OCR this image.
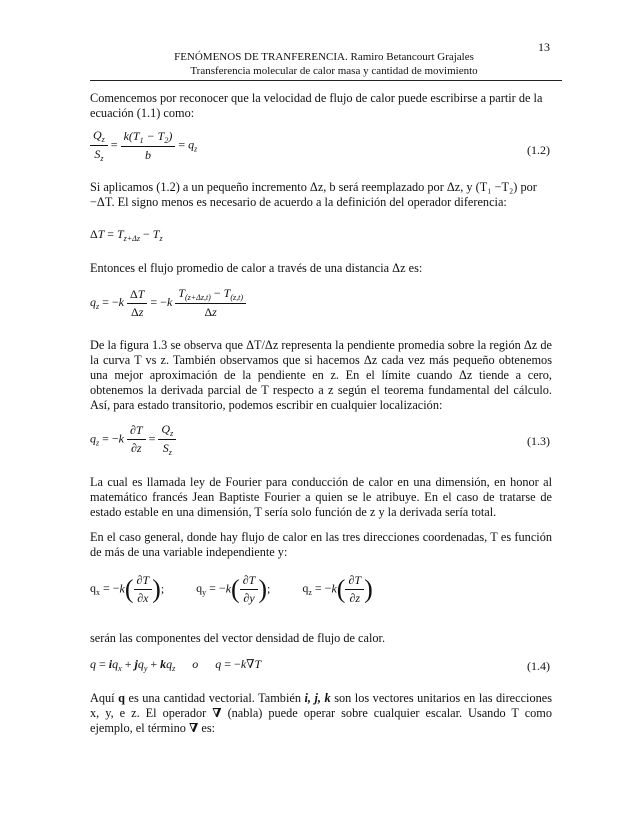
13
FENÓMENOS DE TRANFERENCIA. Ramiro Betancourt Grajales
Transferencia molecular de calor masa y cantidad de movimiento
Comencemos por reconocer que la velocidad de flujo de calor puede escribirse a partir de la ecuación (1.1) como:
$\frac{Q_z}{S_z} = \frac{k(T_1 - T_2)}{b} = q_z$	(1.2)
Si aplicamos (1.2) a un pequeño incremento Δz, b será reemplazado por Δz, y (T₁ −T₂) por −ΔT. El signo menos es necesario de acuerdo a la definición del operador diferencia:
$\Delta T = T_{z+\Delta z} - T_z$
Entonces el flujo promedio de calor a través de una distancia Δz es:
$q_z = -k \frac{\Delta T}{\Delta z} = -k \frac{T_{(z+\Delta z,t)} - T_{(z,t)}}{\Delta z}$
De la figura 1.3 se observa que ΔT/Δz representa la pendiente promedia sobre la región Δz de la curva T vs z. También observamos que si hacemos Δz cada vez más pequeño obtenemos una mejor aproximación de la pendiente en z. En el límite cuando Δz tiende a cero, obtenemos la derivada parcial de T respecto a z según el teorema fundamental del cálculo. Así, para estado transitorio, podemos escribir en cualquier localización:
$q_z = -k \frac{\partial T}{\partial z} = \frac{Q_z}{S_z}$	(1.3)
La cual es llamada ley de Fourier para conducción de calor en una dimensión, en honor al matemático francés Jean Baptiste Fourier a quien se le atribuye. En el caso de tratarse de estado estable en una dimensión, T sería solo función de z y la derivada sería total.
En el caso general, donde hay flujo de calor en las tres direcciones coordenadas, T es función de más de una variable independiente y:
$q_x = -k( \frac{\partial T}{\partial x}$ );	$q_y = -k( \frac{\partial T}{\partial y}$ );	$q_z = -k( \frac{\partial T}{\partial z}$ )
serán las componentes del vector densidad de flujo de calor.
$q = iq_x + jq_y + kq_z$ o q = −k∇T	(1.4)
Aquí q es una cantidad vectorial. También i, j, k son los vectores unitarios en las direcciones x, y, e z. El operador ∇ (nabla) puede operar sobre cualquier escalar. Usando T como ejemplo, el término ∇ es:
